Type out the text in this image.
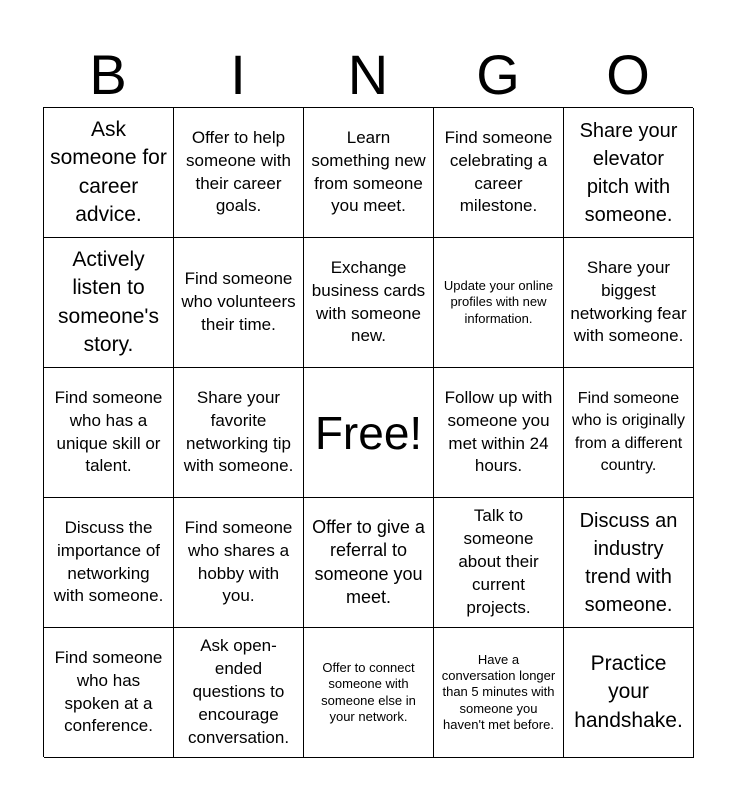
B	I	N	G	O
Ask someone for career advice.
Offer to help someone with their career goals.
Learn something new from someone you meet.
Find someone celebrating a career milestone.
Share your elevator pitch with someone.
Actively listen to someone's story.
Find someone who volunteers their time.
Exchange business cards with someone new.
Update your online profiles with new information.
Share your biggest networking fear with someone.
Find someone who has a unique skill or talent.
Share your favorite networking tip with someone.
Free!
Follow up with someone you met within 24 hours.
Find someone who is originally from a different country.
Discuss the importance of networking with someone.
Find someone who shares a hobby with you.
Offer to give a referral to someone you meet.
Talk to someone about their current projects.
Discuss an industry trend with someone.
Find someone who has spoken at a conference.
Ask open-ended questions to encourage conversation.
Offer to connect someone with someone else in your network.
Have a conversation longer than 5 minutes with someone you haven't met before.
Practice your handshake.
